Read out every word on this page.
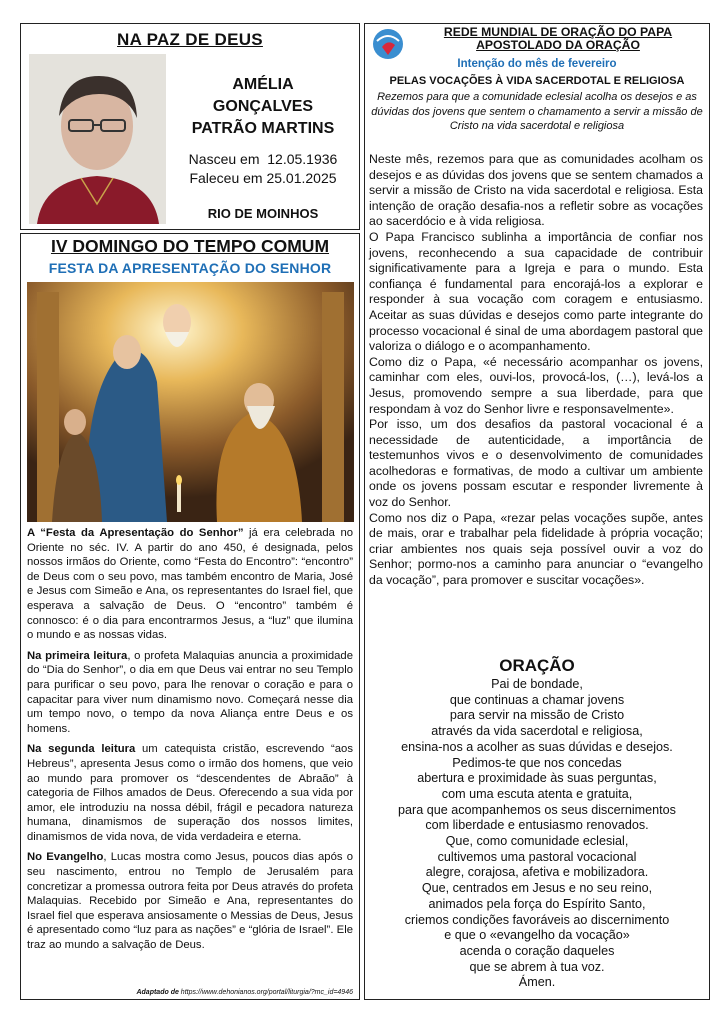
NA PAZ DE DEUS
AMÉLIA
GONÇALVES
PATRÃO MARTINS
Nasceu em  12.05.1936
Faleceu em 25.01.2025
RIO DE MOINHOS
IV DOMINGO DO TEMPO COMUM
FESTA DA APRESENTAÇÃO DO SENHOR

A “Festa da Apresentação do Senhor” já era celebrada no Oriente no séc. IV. A partir do ano 450, é designada, pelos nossos irmãos do Oriente, como “Festa do Encontro”: “encontro” de Deus com o seu povo, mas também encontro de Maria, José e Jesus com Simeão e Ana, os representantes do Israel fiel, que esperava a salvação de Deus. O “encontro” também é connosco: é o dia para encontrarmos Jesus, a “luz” que ilumina o mundo e as nossas vidas.

Na primeira leitura, o profeta Malaquias anuncia a proximidade do “Dia do Senhor”, o dia em que Deus vai entrar no seu Templo para purificar o seu povo, para lhe renovar o coração e para o capacitar para viver num dinamismo novo. Começará nesse dia um tempo novo, o tempo da nova Aliança entre Deus e os homens.

Na segunda leitura um catequista cristão, escrevendo “aos Hebreus”, apresenta Jesus como o irmão dos homens, que veio ao mundo para promover os “descendentes de Abraão” à categoria de Filhos amados de Deus. Oferecendo a sua vida por amor, ele introduziu na nossa débil, frágil e pecadora natureza humana, dinamismos de superação dos nossos limites, dinamismos de vida nova, de vida verdadeira e eterna.

No Evangelho, Lucas mostra como Jesus, poucos dias após o seu nascimento, entrou no Templo de Jerusalém para concretizar a promessa outrora feita por Deus através do profeta Malaquias. Recebido por Simeão e Ana, representantes do Israel fiel que esperava ansiosamente o Messias de Deus, Jesus é apresentado como “luz para as nações” e “glória de Israel”. Ele traz ao mundo a salvação de Deus.

Adaptado de https://www.dehonianos.org/portal/liturgia/?mc_id=4946
REDE MUNDIAL DE ORAÇÃO DO PAPA
APOSTOLADO DA ORAÇÃO
Intenção do mês de fevereiro
PELAS VOCAÇÕES À VIDA SACERDOTAL E RELIGIOSA
Rezemos para que a comunidade eclesial acolha os desejos e as dúvidas dos jovens que sentem o chamamento a servir a missão de Cristo na vida sacerdotal e religiosa

Neste mês, rezemos para que as comunidades acolham os desejos e as dúvidas dos jovens que se sentem chamados a servir a missão de Cristo na vida sacerdotal e religiosa. Esta intenção de oração desafia-nos a refletir sobre as vocações ao sacerdócio e à vida religiosa.

O Papa Francisco sublinha a importância de confiar nos jovens, reconhecendo a sua capacidade de contribuir significativamente para a Igreja e para o mundo. Esta confiança é fundamental para encorajá-los a explorar e responder à sua vocação com coragem e entusiasmo. Aceitar as suas dúvidas e desejos como parte integrante do processo vocacional é sinal de uma abordagem pastoral que valoriza o diálogo e o acompanhamento.

Como diz o Papa, «é necessário acompanhar os jovens, caminhar com eles, ouvi-los, provocá-los, (…), levá-los a Jesus, promovendo sempre a sua liberdade, para que respondam à voz do Senhor livre e responsavelmente».

Por isso, um dos desafios da pastoral vocacional é a necessidade de autenticidade, a importância de testemunhos vivos e o desenvolvimento de comunidades acolhedoras e formativas, de modo a cultivar um ambiente onde os jovens possam escutar e responder livremente à voz do Senhor.

Como nos diz o Papa, «rezar pelas vocações supõe, antes de mais, orar e trabalhar pela fidelidade à própria vocação; criar ambientes nos quais seja possível ouvir a voz do Senhor; pormo-nos a caminho para anunciar o “evangelho da vocação”, para promover e suscitar vocações».

ORAÇÃO
Pai de bondade,
que continuas a chamar jovens
para servir na missão de Cristo
através da vida sacerdotal e religiosa,
ensina-nos a acolher as suas dúvidas e desejos.
Pedimos-te que nos concedas
abertura e proximidade às suas perguntas,
com uma escuta atenta e gratuita,
para que acompanhemos os seus discernimentos
com liberdade e entusiasmo renovados.
Que, como comunidade eclesial,
cultivemos uma pastoral vocacional
alegre, corajosa, afetiva e mobilizadora.
Que, centrados em Jesus e no seu reino,
animados pela força do Espírito Santo,
criemos condições favoráveis ao discernimento
e que o «evangelho da vocação»
acenda o coração daqueles
que se abrem à tua voz.
Ámen.
